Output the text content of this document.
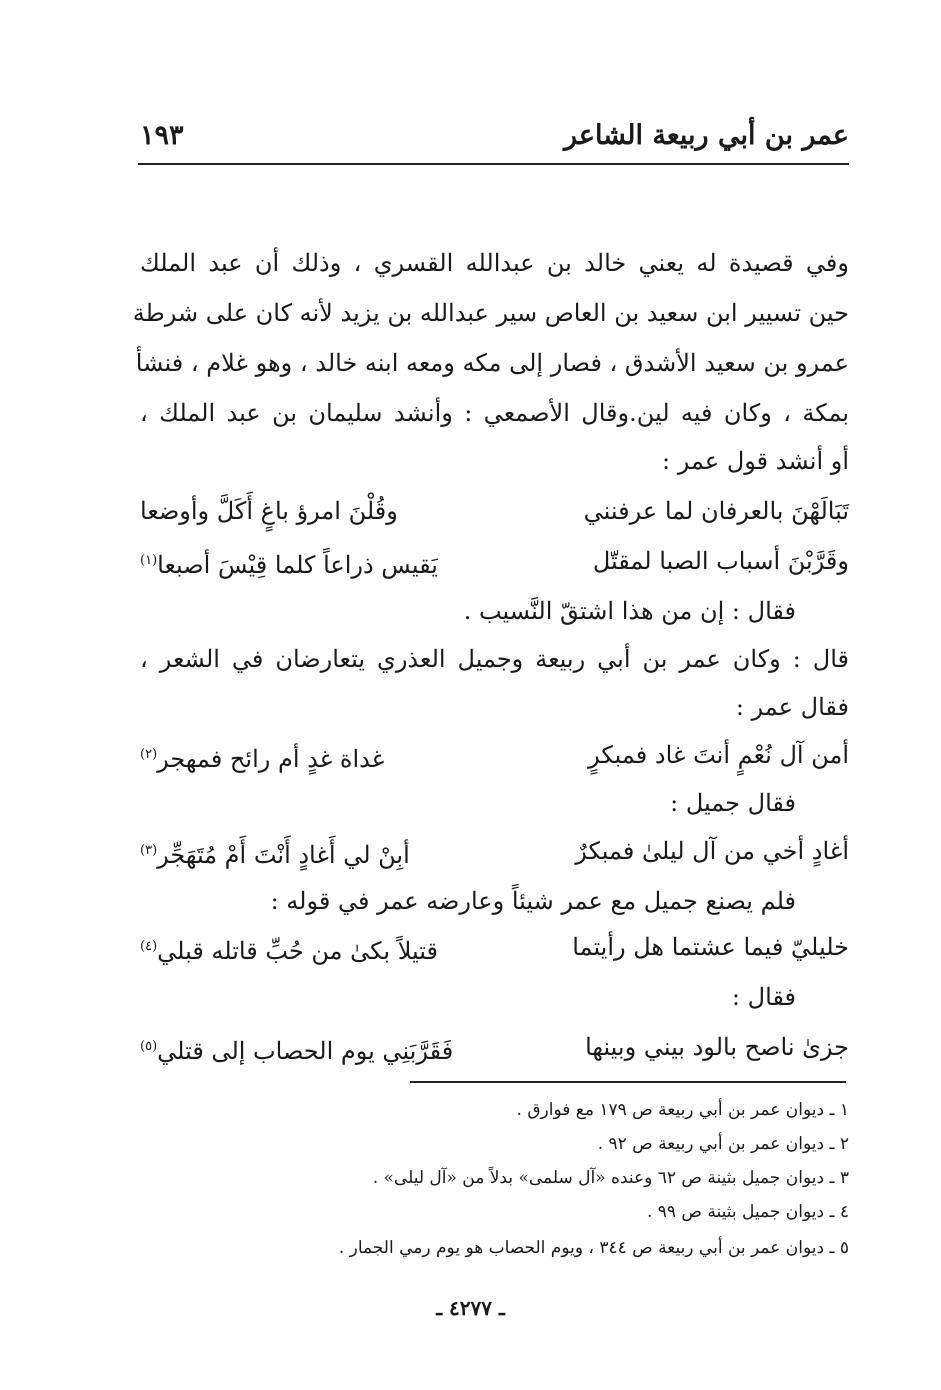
عمر بن أبي ربيعة الشاعر
١٩٣
وفي قصيدة له يعني خالد بن عبدالله القسري ، وذلك أن عبد الملك
حين تسيير ابن سعيد بن العاص سير عبدالله بن يزيد لأنه كان على شرطة
عمرو بن سعيد الأشدق ، فصار إلى مكه ومعه ابنه خالد ، وهو غلام ، فنشأ
بمكة ، وكان فيه لين.وقال الأصمعي : وأنشد سليمان بن عبد الملك ،
أو أنشد قول عمر :
تَبَالَهْنَ بالعرفان لما عرفنني
وقُلْنَ امرؤ باغٍ أَكَلَّ وأوضعا
وقَرَّبْنَ أسباب الصبا لمقتّل
يَقيس ذراعاً كلما قِيْسَ أصبعا$^{(١)}$
فقال : إن من هذا اشتقّ النَّسيب .
قال : وكان عمر بن أبي ربيعة وجميل العذري يتعارضان في الشعر ،
فقال عمر :
أمن آل نُعْمٍ أنتَ غاد فمبكرٍ
غداة غدٍ أم رائح فمهجر$^{(٢)}$
فقال جميل :
أغادٍ أخي من آل ليلىٰ فمبكرٌ
أبِنْ لي أَغادٍ أَنْتَ أَمْ مُتَهَجِّر$^{(٣)}$
فلم يصنع جميل مع عمر شيئاً وعارضه عمر في قوله :
خليليّ فيما عشتما هل رأيتما
قتيلاً بكىٰ من حُبِّ قاتله قبلي$^{(٤)}$
فقال :
جزىٰ ناصح بالود بيني وبينها
فَقَرَّبَنِي يوم الحصاب إلى قتلي$^{(٥)}$
١ ـ ديوان عمر بن أبي ربيعة ص ١٧٩ مع فوارق .
٢ ـ ديوان عمر بن أبي ربيعة ص ٩٢ .
٣ ـ ديوان جميل بثينة ص ٦٢ وعنده «آل سلمى» بدلاً من «آل ليلى» .
٤ ـ ديوان جميل بثينة ص ٩٩ .
٥ ـ ديوان عمر بن أبي ربيعة ص ٣٤٤ ، ويوم الحصاب هو يوم رمي الجمار .
ـ ٤٢٧٧ ـ
